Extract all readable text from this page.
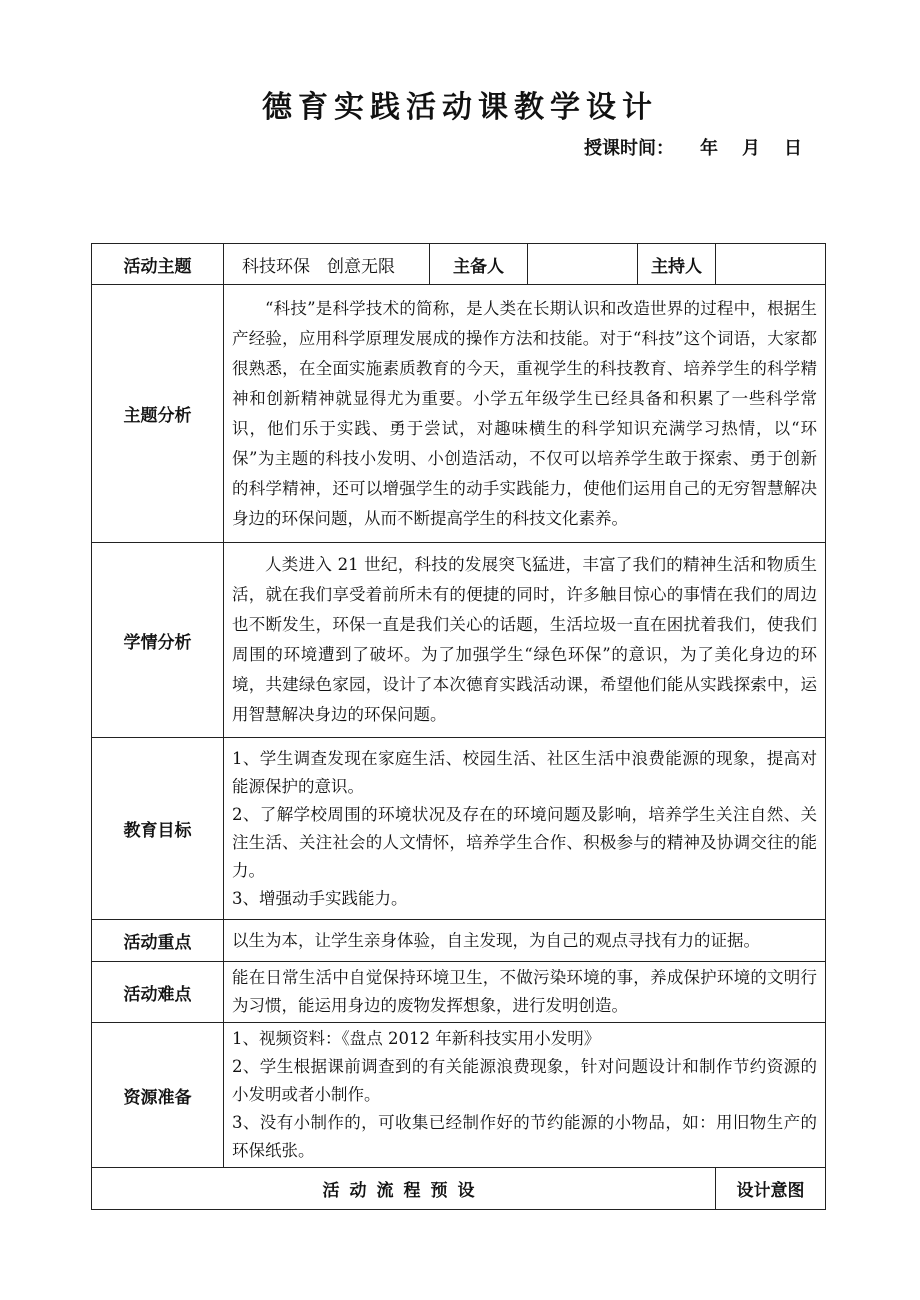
德育实践活动课教学设计
授课时间： 年 月 日
活动主题	科技环保　创意无限	主备人		主持人	
主题分析	“科技”是科学技术的简称，是人类在长期认识和改造世界的过程中，根据生产经验，应用科学原理发展成的操作方法和技能。对于“科技”这个词语，大家都很熟悉，在全面实施素质教育的今天，重视学生的科技教育、培养学生的科学精神和创新精神就显得尤为重要。小学五年级学生已经具备和积累了一些科学常识，他们乐于实践、勇于尝试，对趣味横生的科学知识充满学习热情，以“环保”为主题的科技小发明、小创造活动，不仅可以培养学生敢于探索、勇于创新的科学精神，还可以增强学生的动手实践能力，使他们运用自己的无穷智慧解决身边的环保问题，从而不断提高学生的科技文化素养。				

学情分析	人类进入 21 世纪，科技的发展突飞猛进，丰富了我们的精神生活和物质生活，就在我们享受着前所未有的便捷的同时，许多触目惊心的事情在我们的周边也不断发生，环保一直是我们关心的话题，生活垃圾一直在困扰着我们，使我们周围的环境遭到了破坏。为了加强学生“绿色环保”的意识，为了美化身边的环境，共建绿色家园，设计了本次德育实践活动课，希望他们能从实践探索中，运用智慧解决身边的环保问题。				

教育目标	1、学生调查发现在家庭生活、校园生活、社区生活中浪费能源的现象，提高对能源保护的意识。

2、了解学校周围的环境状况及存在的环境问题及影响，培养学生关注自然、关注生活、关注社会的人文情怀，培养学生合作、积极参与的精神及协调交往的能力。

3、增强动手实践能力。				

活动重点	以生为本，让学生亲身体验，自主发现，为自己的观点寻找有力的证据。				
活动难点	能在日常生活中自觉保持环境卫生，不做污染环境的事，养成保护环境的文明行为习惯，能运用身边的废物发挥想象，进行发明创造。				
资源准备	1、视频资料：《盘点 2012 年新科技实用小发明》

2、学生根据课前调查到的有关能源浪费现象，针对问题设计和制作节约资源的小发明或者小制作。

3、没有小制作的，可收集已经制作好的节约能源的小物品，如：用旧物生产的环保纸张。				

活动流程预设					设计意图
